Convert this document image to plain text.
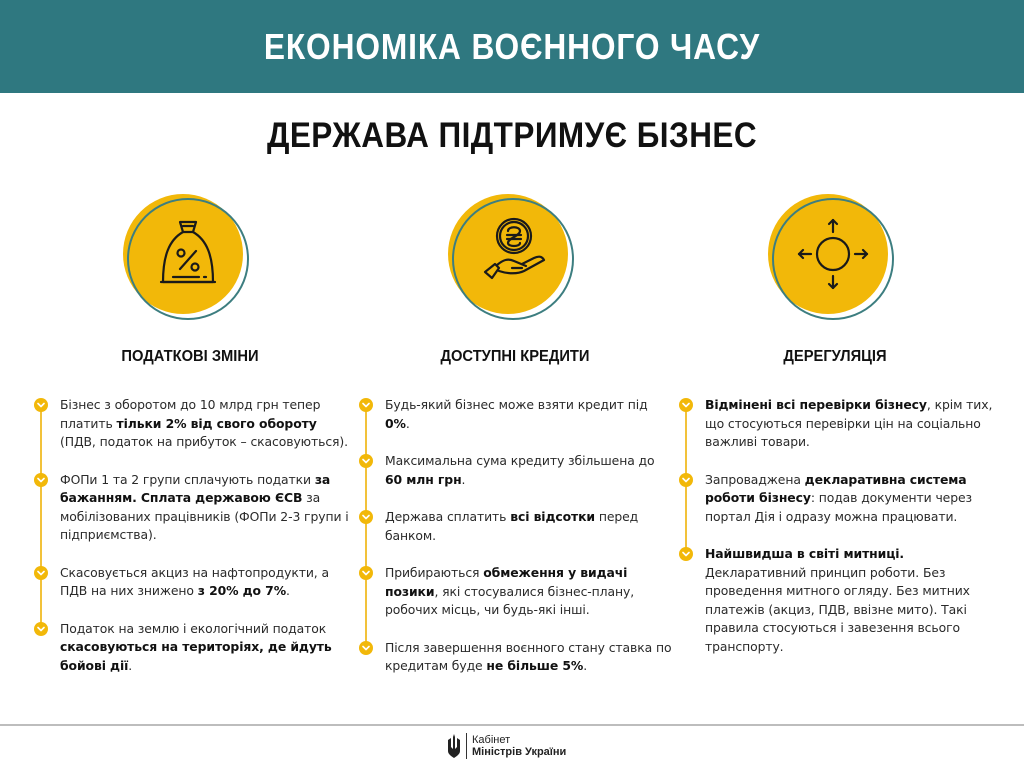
ЕКОНОМІКА ВОЄННОГО ЧАСУ
ДЕРЖАВА ПІДТРИМУЄ БІЗНЕС
ПОДАТКОВІ ЗМІНИ

Бізнес з оборотом до 10 млрд грн тепер платить тільки 2% від свого обороту (ПДВ, податок на прибуток – скасовуються).

ФОПи 1 та 2 групи сплачують податки за бажанням. Сплата державою ЄСВ за мобілізованих працівників (ФОПи 2-3 групи і підприємства).

Скасовується акциз на нафтопродукти, а ПДВ на них знижено з 20% до 7%.

Податок на землю і екологічний податок скасовуються на територіях, де йдуть бойові дії.

ДОСТУПНІ КРЕДИТИ

Будь-який бізнес може взяти кредит під 0%.

Максимальна сума кредиту збільшена до 60 млн грн.

Держава сплатить всі відсотки перед банком.

Прибираються обмеження у видачі позики, які стосувалися бізнес-плану, робочих місць, чи будь-які інші.

Після завершення воєнного стану ставка по кредитам буде не більше 5%.

ДЕРЕГУЛЯЦІЯ

Відмінені всі перевірки бізнесу, крім тих, що стосуються перевірки цін на соціально важливі товари.

Запроваджена декларативна система роботи бізнесу: подав документи через портал Дія і одразу можна працювати.

Найшвидша в світі митниці. Декларативний принцип роботи. Без проведення митного огляду. Без митних платежів (акциз, ПДВ, ввізне мито). Такі правила стосуються і завезення всього транспорту.

Кабінет
Міністрів України
